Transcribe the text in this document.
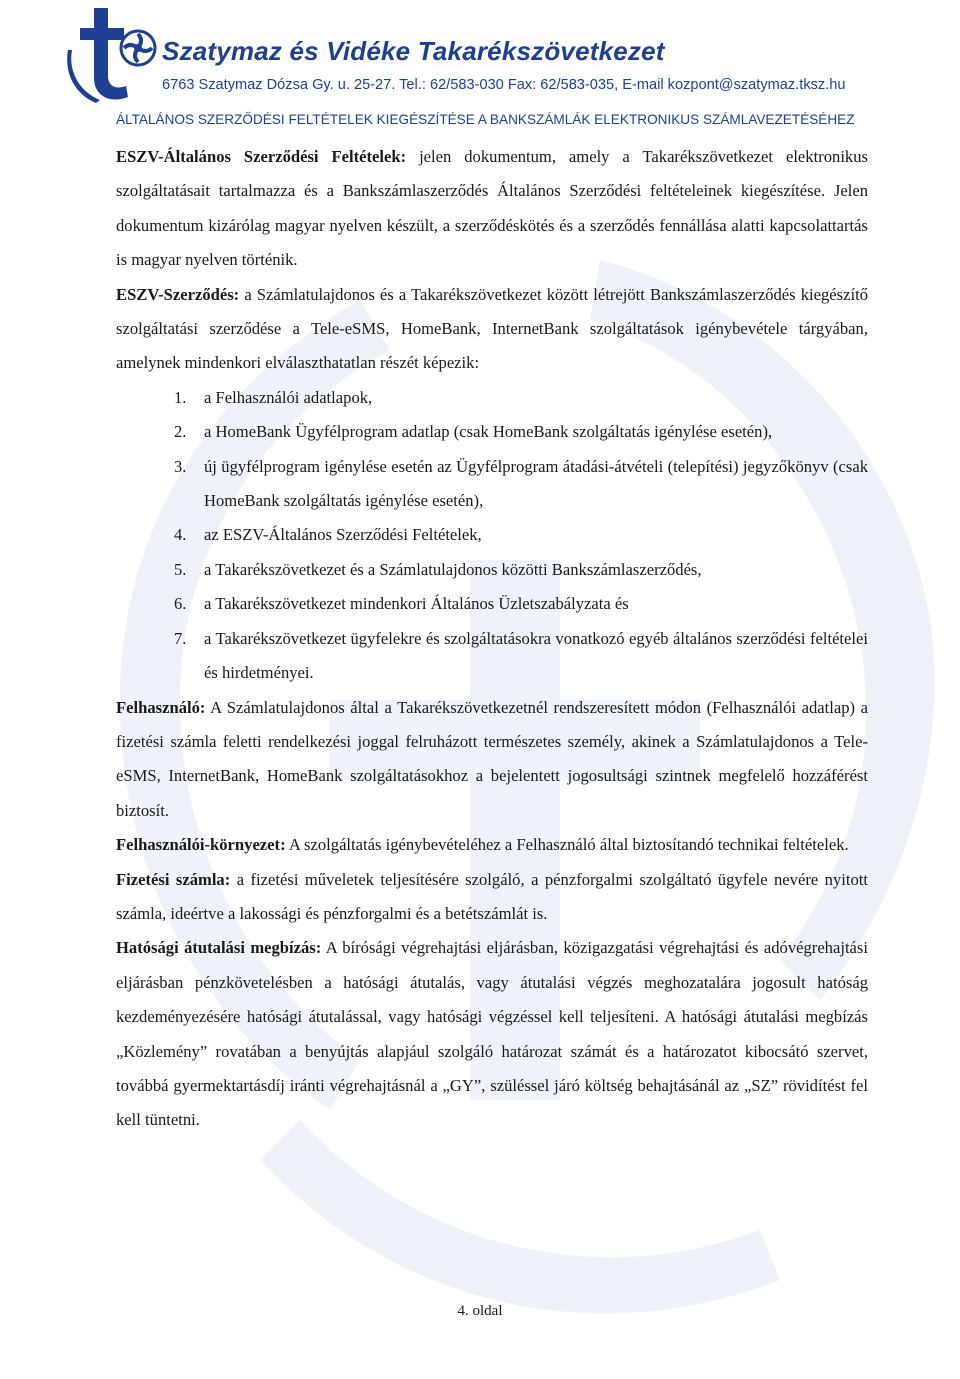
Szatymaz és Vidéke Takarékszövetkezet
6763 Szatymaz Dózsa Gy. u. 25-27. Tel.: 62/583-030 Fax: 62/583-035, E-mail kozpont@szatymaz.tksz.hu
ÁLTALÁNOS SZERZŐDÉSI FELTÉTELEK KIEGÉSZÍTÉSE A BANKSZÁMLÁK ELEKTRONIKUS SZÁMLAVEZETÉSÉHEZ

ESZV-Általános Szerződési Feltételek: jelen dokumentum, amely a Takarékszövetkezet elektronikus szolgáltatásait tartalmazza és a Bankszámlaszerződés Általános Szerződési feltételeinek kiegészítése. Jelen dokumentum kizárólag magyar nyelven készült, a szerződéskötés és a szerződés fennállása alatti kapcsolattartás is magyar nyelven történik.

ESZV-Szerződés: a Számlatulajdonos és a Takarékszövetkezet között létrejött Bankszámlaszerződés kiegészítő szolgáltatási szerződése a Tele-eSMS, HomeBank, InternetBank szolgáltatások igénybevétele tárgyában, amelynek mindenkori elválaszthatatlan részét képezik:

1. a Felhasználói adatlapok,
2. a HomeBank Ügyfélprogram adatlap (csak HomeBank szolgáltatás igénylése esetén),
3. új ügyfélprogram igénylése esetén az Ügyfélprogram átadási-átvételi (telepítési) jegyzőkönyv (csak HomeBank szolgáltatás igénylése esetén),
4. az ESZV-Általános Szerződési Feltételek,
5. a Takarékszövetkezet és a Számlatulajdonos közötti Bankszámlaszerződés,
6. a Takarékszövetkezet mindenkori Általános Üzletszabályzata és
7. a Takarékszövetkezet ügyfelekre és szolgáltatásokra vonatkozó egyéb általános szerződési feltételei és hirdetményei.

Felhasználó: A Számlatulajdonos által a Takarékszövetkezetnél rendszeresített módon (Felhasználói adatlap) a fizetési számla feletti rendelkezési joggal felruházott természetes személy, akinek a Számlatulajdonos a Tele-eSMS, InternetBank, HomeBank szolgáltatásokhoz a bejelentett jogosultsági szintnek megfelelő hozzáférést biztosít.

Felhasználói-környezet: A szolgáltatás igénybevételéhez a Felhasználó által biztosítandó technikai feltételek.

Fizetési számla: a fizetési műveletek teljesítésére szolgáló, a pénzforgalmi szolgáltató ügyfele nevére nyitott számla, ideértve a lakossági és pénzforgalmi és a betétszámlát is.

Hatósági átutalási megbízás: A bírósági végrehajtási eljárásban, közigazgatási végrehajtási és adóvégrehajtási eljárásban pénzkövetelésben a hatósági átutalás, vagy átutalási végzés meghozatalára jogosult hatóság kezdeményezésére hatósági átutalással, vagy hatósági végzéssel kell teljesíteni. A hatósági átutalási megbízás „Közlemény” rovatában a benyújtás alapjául szolgáló határozat számát és a határozatot kibocsátó szervet, továbbá gyermektartásdíj iránti végrehajtásnál a „GY”, szüléssel járó költség behajtásánál az „SZ” rövidítést fel kell tüntetni.

4. oldal
